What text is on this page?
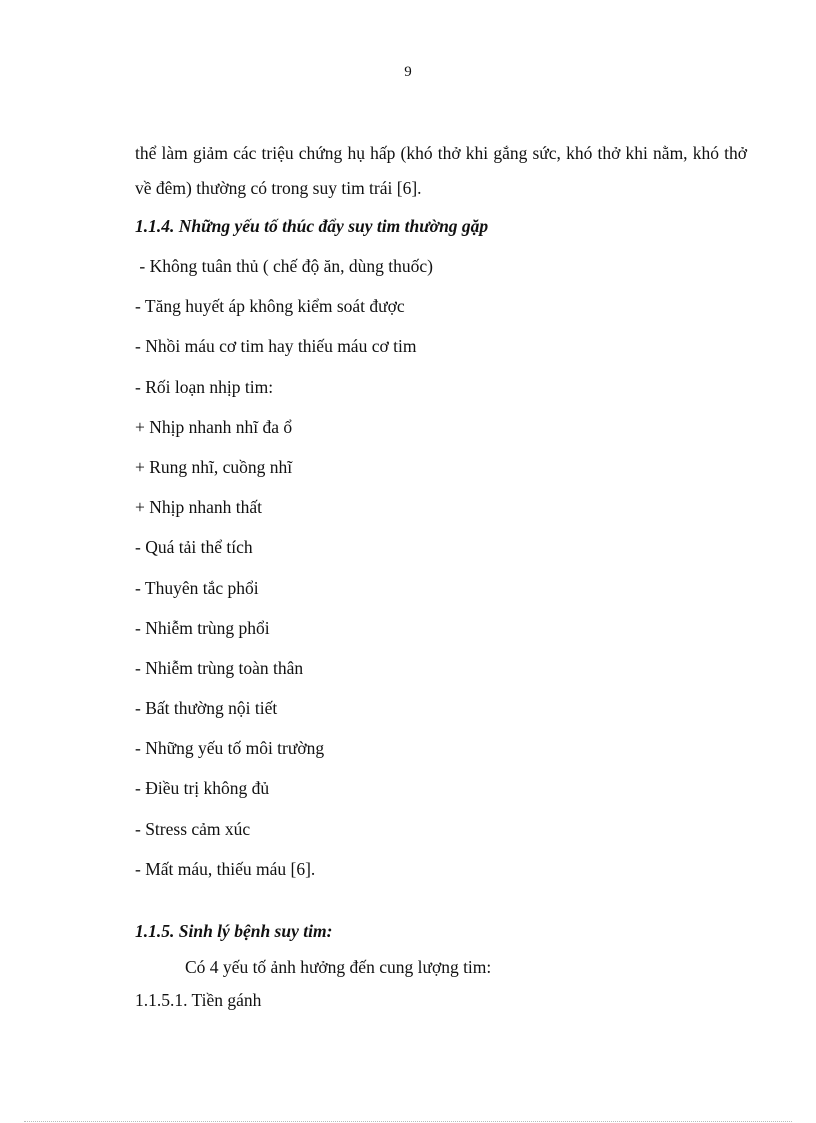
9

thể làm giảm các triệu chứng hụ hấp (khó thở khi gắng sức, khó thở khi nằm, khó thở về đêm) thường có trong suy tim trái [6].

1.1.4. Những yếu tố thúc đẩy suy tim thường gặp

- Không tuân thủ ( chế độ ăn, dùng thuốc)
- Tăng huyết áp không kiểm soát được
- Nhồi máu cơ tim hay thiếu máu cơ tim
- Rối loạn nhịp tim:
+ Nhịp nhanh nhĩ đa ổ
+ Rung nhĩ, cuồng nhĩ
+ Nhịp nhanh thất
- Quá tải thể tích
- Thuyên tắc phổi
- Nhiễm trùng phổi
- Nhiễm trùng toàn thân
- Bất thường nội tiết
- Những yếu tố môi trường
- Điều trị không đủ
- Stress cảm xúc
- Mất máu, thiếu máu [6].

1.1.5. Sinh lý bệnh suy tim:

Có 4 yếu tố ảnh hưởng đến cung lượng tim:

1.1.5.1. Tiền gánh
